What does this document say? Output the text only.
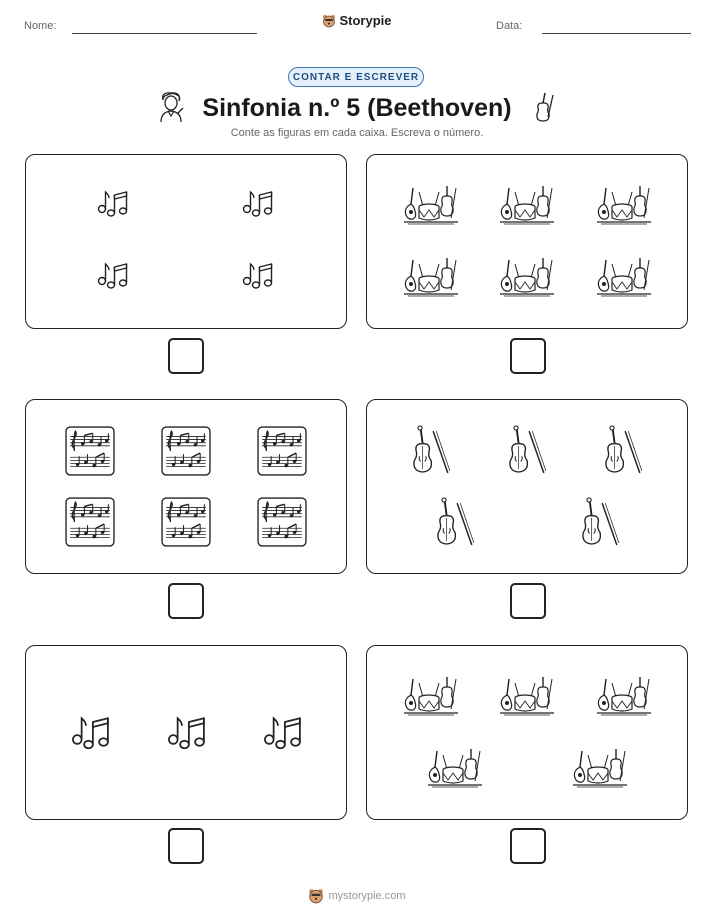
Nome:	Storypie	Data:
CONTAR E ESCREVER
Sinfonia n.º 5 (Beethoven)
Conte as figuras em cada caixa. Escreva o número.
mystorypie.com
